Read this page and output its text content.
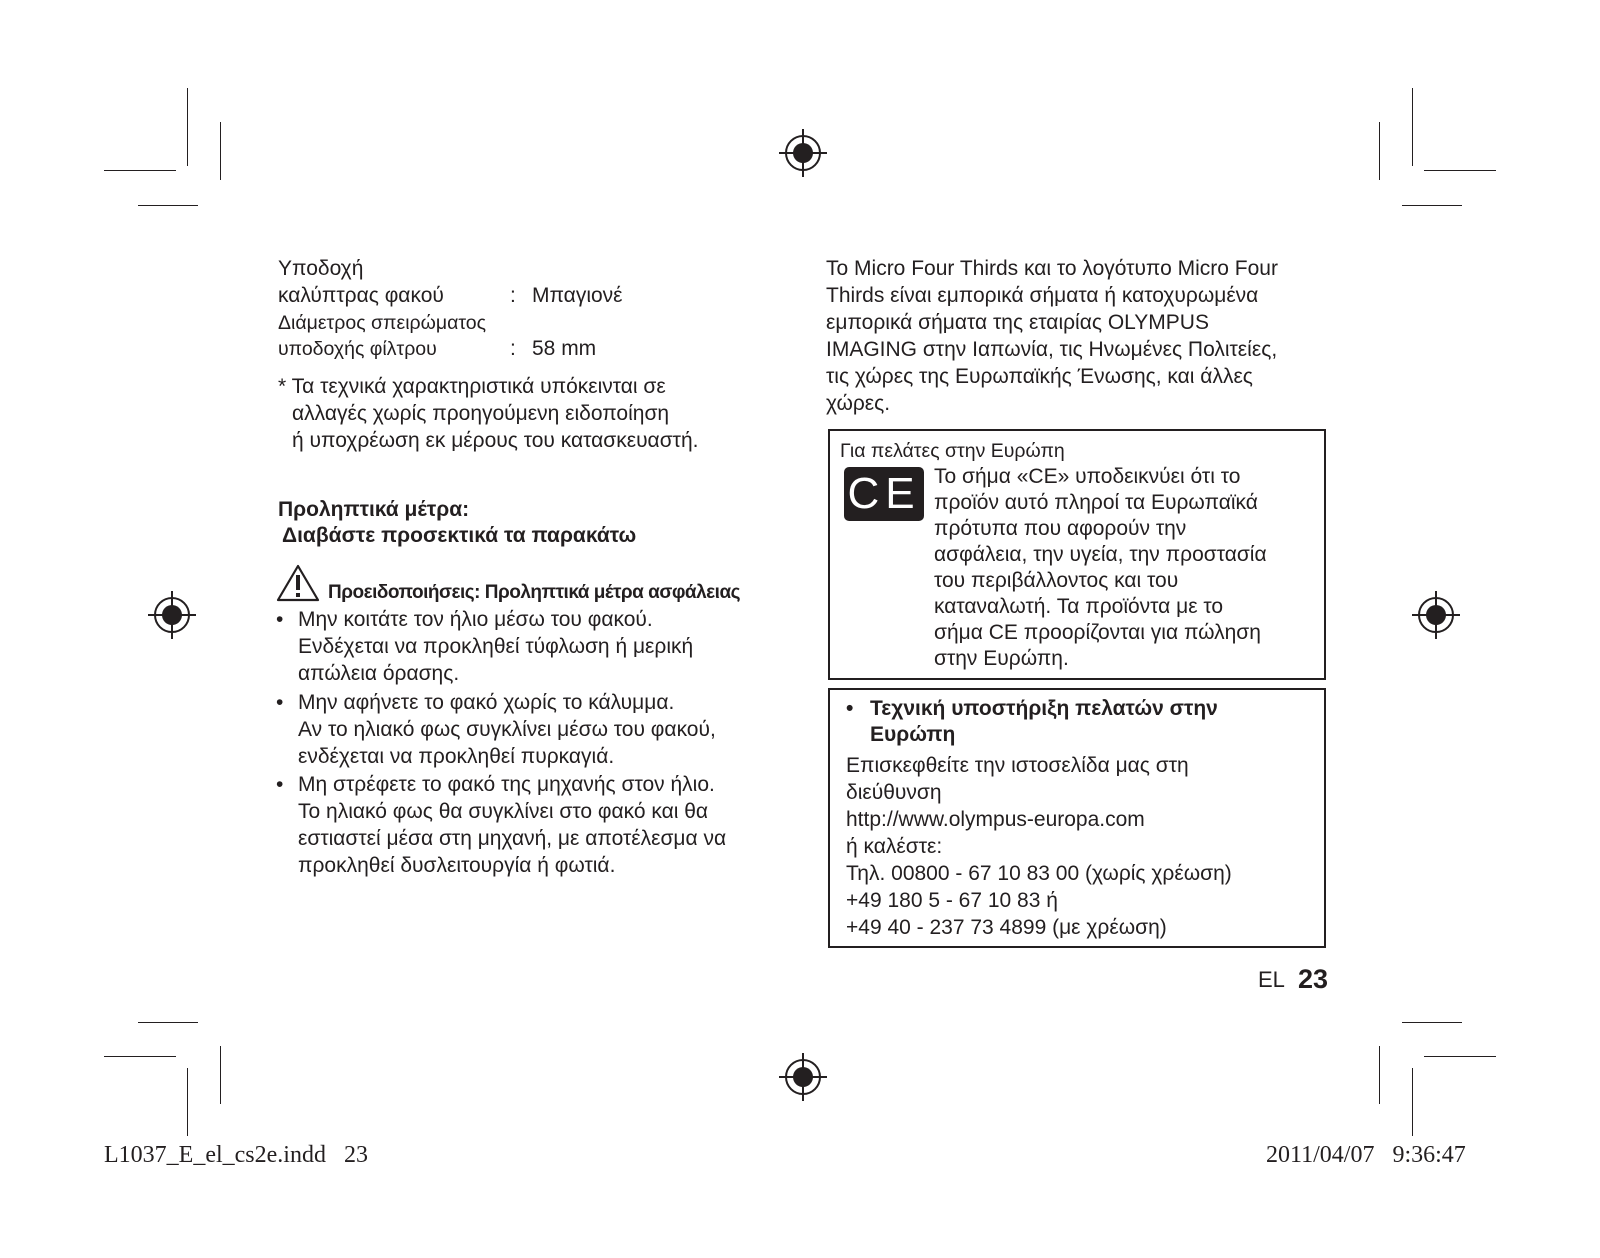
Υποδοχή
καλύπτρας φακού	: Μπαγιονέ
Διάμετρος σπειρώματος
υποδοχής φίλτρου	: 58 mm
* Τα τεχνικά χαρακτηριστικά υπόκεινται σε
αλλαγές χωρίς προηγούμενη ειδοποίηση
ή υποχρέωση εκ μέρους του κατασκευαστή.
Προληπτικά μέτρα:
Διαβάστε προσεκτικά τα παρακάτω
Προειδοποιήσεις: Προληπτικά μέτρα ασφάλειας
• Μην κοιτάτε τον ήλιο μέσω του φακού.
Ενδέχεται να προκληθεί τύφλωση ή μερική
απώλεια όρασης.
• Μην αφήνετε το φακό χωρίς το κάλυμμα.
Αν το ηλιακό φως συγκλίνει μέσω του φακού,
ενδέχεται να προκληθεί πυρκαγιά.
• Μη στρέφετε το φακό της μηχανής στον ήλιο.
Το ηλιακό φως θα συγκλίνει στο φακό και θα
εστιαστεί μέσα στη μηχανή, με αποτέλεσμα να
προκληθεί δυσλειτουργία ή φωτιά.
Το Micro Four Thirds και το λογότυπο Micro Four
Thirds είναι εμπορικά σήματα ή κατοχυρωμένα
εμπορικά σήματα της εταιρίας OLYMPUS
IMAGING στην Ιαπωνία, τις Ηνωμένες Πολιτείες,
τις χώρες της Ευρωπαϊκής Ένωσης, και άλλες
χώρες.
Για πελάτες στην Ευρώπη
CE Το σήμα «CE» υποδεικνύει ότι το
προϊόν αυτό πληροί τα Ευρωπαϊκά
πρότυπα που αφορούν την
ασφάλεια, την υγεία, την προστασία
του περιβάλλοντος και του
καταναλωτή. Τα προϊόντα με το
σήμα CE προορίζονται για πώληση
στην Ευρώπη.
• Τεχνική υποστήριξη πελατών στην
Ευρώπη
Επισκεφθείτε την ιστοσελίδα μας στη
διεύθυνση
http://www.olympus-europa.com
ή καλέστε:
Τηλ. 00800 - 67 10 83 00 (χωρίς χρέωση)
+49 180 5 - 67 10 83 ή
+49 40 - 237 73 4899 (με χρέωση)
EL 23
L1037_E_el_cs2e.indd   23	2011/04/07   9:36:47
